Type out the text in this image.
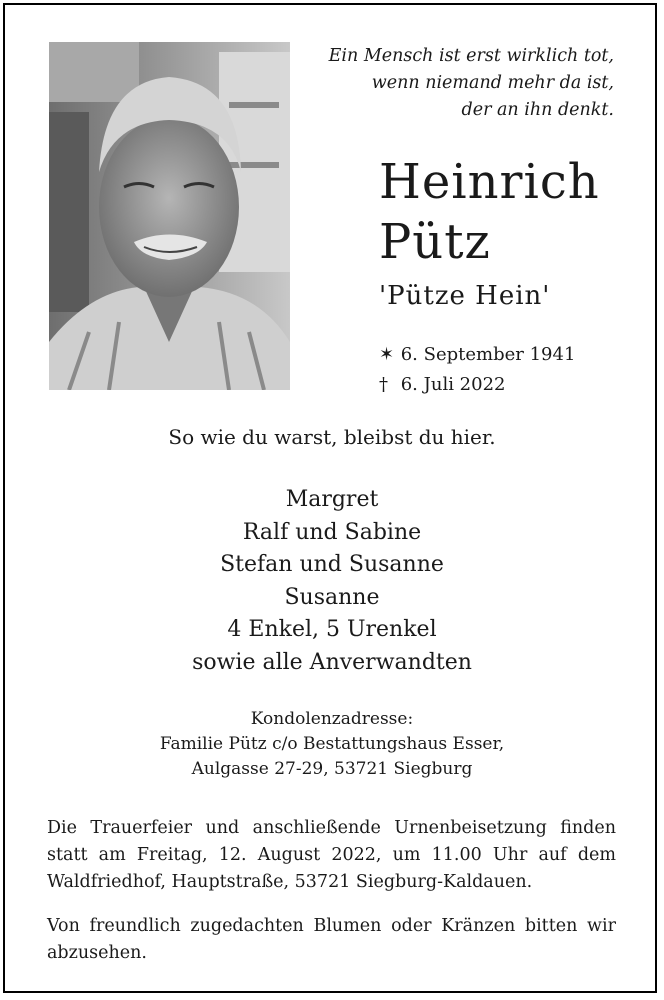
Ein Mensch ist erst wirklich tot,
wenn niemand mehr da ist,
der an ihn denkt.
Heinrich
Pütz
'Pütze Hein'
✶ 6. September 1941
† 6. Juli 2022
So wie du warst, bleibst du hier.
Margret
Ralf und Sabine
Stefan und Susanne
Susanne
4 Enkel, 5 Urenkel
sowie alle Anverwandten
Kondolenzadresse:
Familie Pütz c/o Bestattungshaus Esser,
Aulgasse 27-29, 53721 Siegburg
Die Trauerfeier und anschließende Urnenbeisetzung finden statt am Freitag, 12. August 2022, um 11.00 Uhr auf dem Waldfriedhof, Hauptstraße, 53721 Siegburg-Kaldauen.
Von freundlich zugedachten Blumen oder Kränzen bitten wir abzusehen.
